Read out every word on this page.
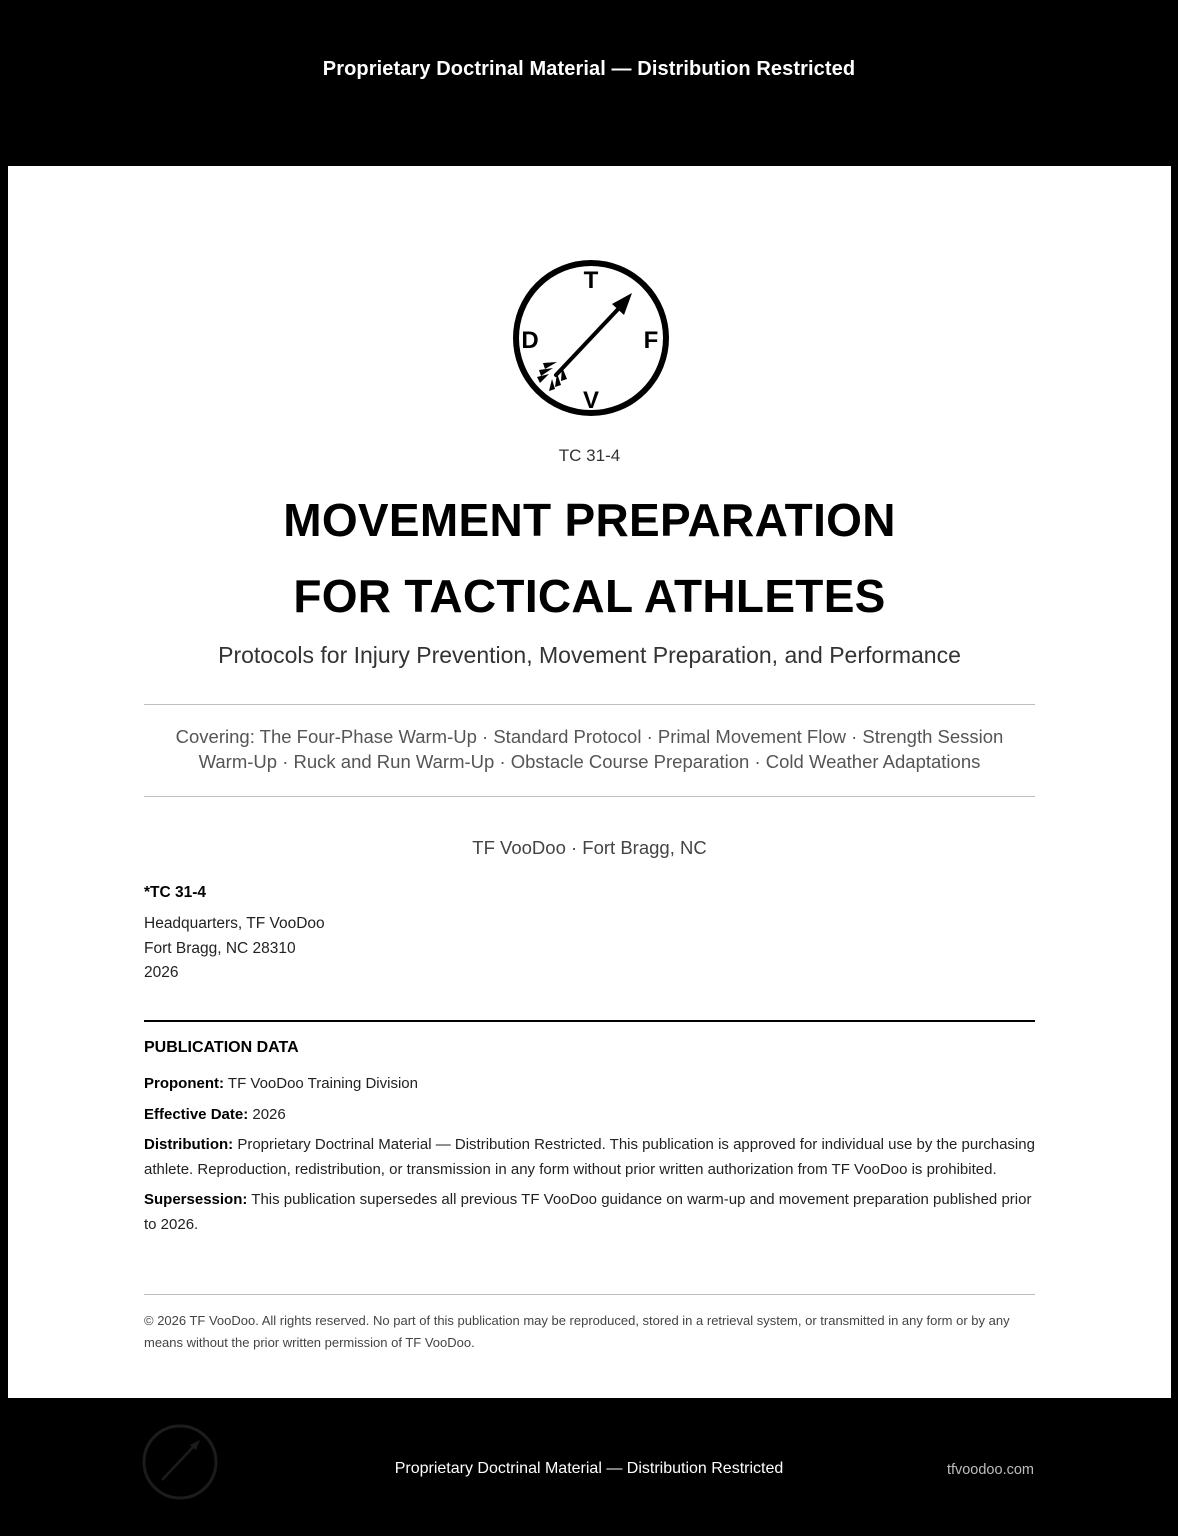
Proprietary Doctrinal Material — Distribution Restricted
T
F
V
D
TC 31-4
MOVEMENT PREPARATION
FOR TACTICAL ATHLETES
Protocols for Injury Prevention, Movement Preparation, and Performance
Covering: The Four-Phase Warm-Up · Standard Protocol · Primal Movement Flow · Strength Session
Warm-Up · Ruck and Run Warm-Up · Obstacle Course Preparation · Cold Weather Adaptations
TF VooDoo · Fort Bragg, NC
*TC 31-4
Headquarters, TF VooDoo
Fort Bragg, NC 28310
2026
PUBLICATION DATA
Proponent: TF VooDoo Training Division
Effective Date: 2026
Distribution: Proprietary Doctrinal Material — Distribution Restricted. This publication is approved for individual use by the purchasing athlete. Reproduction, redistribution, or transmission in any form without prior written authorization from TF VooDoo is prohibited.
Supersession: This publication supersedes all previous TF VooDoo guidance on warm-up and movement preparation published prior to 2026.
© 2026 TF VooDoo. All rights reserved. No part of this publication may be reproduced, stored in a retrieval system, or transmitted in any form or by any means without the prior written permission of TF VooDoo.
Proprietary Doctrinal Material — Distribution Restricted	tfvoodoo.com
